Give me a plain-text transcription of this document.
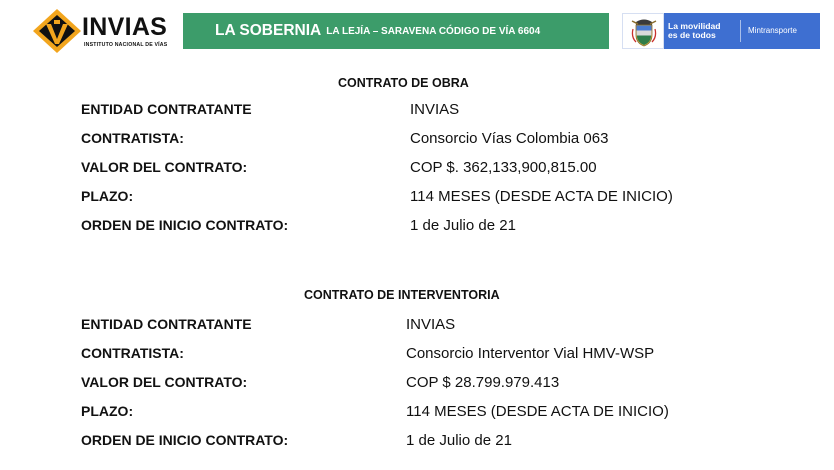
INVIAS
INSTITUTO NACIONAL DE VÍAS
LA SOBERNIA LA LEJÍA – SARAVENA CÓDIGO DE VÍA 6604	La movilidad
es de todos	Mintransporte
CONTRATO DE OBRA
ENTIDAD CONTRATANTE	INVIAS
CONTRATISTA:	Consorcio Vías Colombia 063
VALOR DEL CONTRATO:	COP $. 362,133,900,815.00
PLAZO:	114 MESES (DESDE ACTA DE INICIO)
ORDEN DE INICIO CONTRATO:	1 de Julio de 21
CONTRATO DE INTERVENTORIA
ENTIDAD CONTRATANTE	INVIAS
CONTRATISTA:	Consorcio Interventor Vial HMV-WSP
VALOR DEL CONTRATO:	COP $ 28.799.979.413
PLAZO:	114 MESES (DESDE ACTA DE INICIO)
ORDEN DE INICIO CONTRATO:	1 de Julio de 21
